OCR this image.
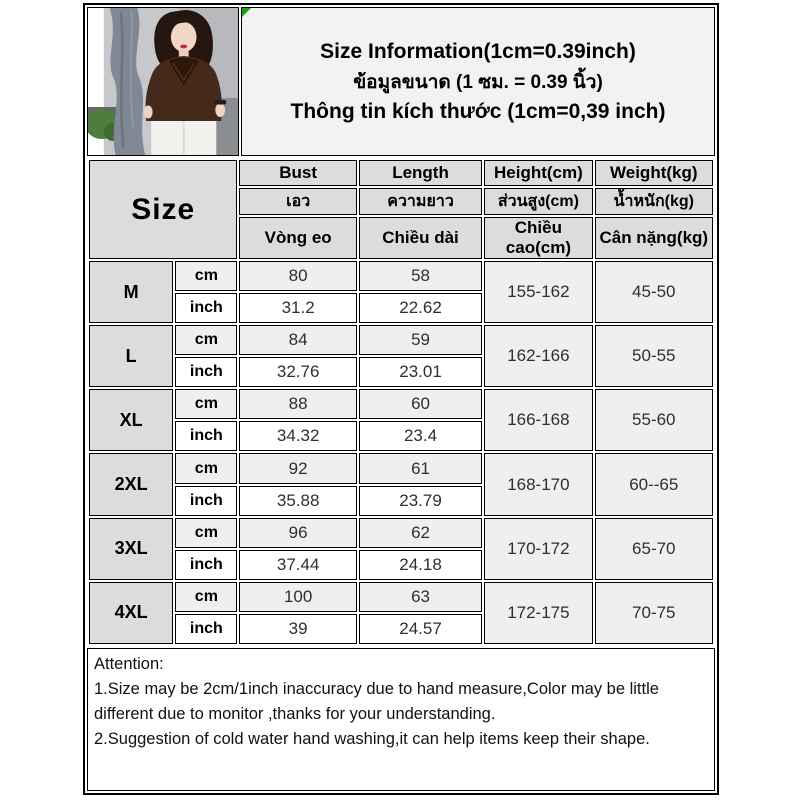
Size Information(1cm=0.39inch)
ข้อมูลขนาด (1 ซม. = 0.39 นิ้ว)
Thông tin kích thước (1cm=0,39 inch)
Size		Bust	Length	Height(cm)	Weight(kg)
		เอว	ความยาว	ส่วนสูง(cm)	น้ำหนัก(kg)
		Vòng eo	Chiều dài	Chiều cao(cm)	Cân nặng(kg)
M	cm	80	58	155-162	45-50
	inch	31.2	22.62		
L	cm	84	59	162-166	50-55
	inch	32.76	23.01		
XL	cm	88	60	166-168	55-60
	inch	34.32	23.4		
2XL	cm	92	61	168-170	60--65
	inch	35.88	23.79		
3XL	cm	96	62	170-172	65-70
	inch	37.44	24.18		
4XL	cm	100	63	172-175	70-75
	inch	39	24.57		
Attention:
1.Size may be 2cm/1inch inaccuracy due to hand measure,Color may be little different due to monitor ,thanks for your understanding.
2.Suggestion of cold water hand washing,it can help items keep their shape.
